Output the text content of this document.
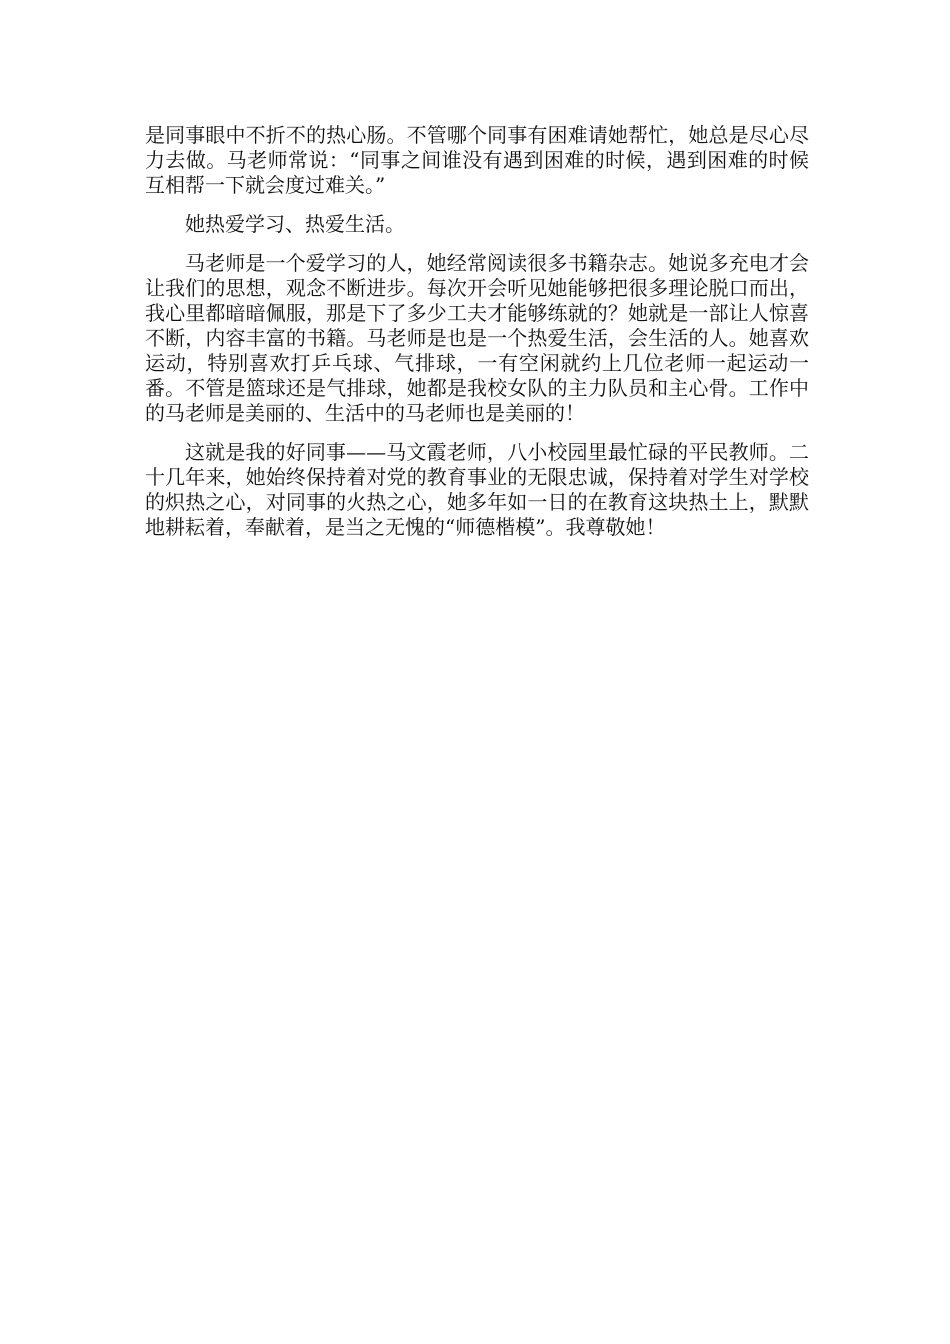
是同事眼中不折不的热心肠。不管哪个同事有困难请她帮忙，她总是尽心尽力去做。马老师常说：“同事之间谁没有遇到困难的时候，遇到困难的时候互相帮一下就会度过难关。”

她热爱学习、热爱生活。

马老师是一个爱学习的人，她经常阅读很多书籍杂志。她说多充电才会让我们的思想，观念不断进步。每次开会听见她能够把很多理论脱口而出，我心里都暗暗佩服，那是下了多少工夫才能够练就的？她就是一部让人惊喜不断，内容丰富的书籍。马老师是也是一个热爱生活，会生活的人。她喜欢运动，特别喜欢打乒乓球、气排球，一有空闲就约上几位老师一起运动一番。不管是篮球还是气排球，她都是我校女队的主力队员和主心骨。工作中的马老师是美丽的、生活中的马老师也是美丽的！

这就是我的好同事——马文霞老师，八小校园里最忙碌的平民教师。二十几年来，她始终保持着对党的教育事业的无限忠诚，保持着对学生对学校的炽热之心，对同事的火热之心，她多年如一日的在教育这块热土上，默默地耕耘着，奉献着，是当之无愧的“师德楷模”。我尊敬她！
